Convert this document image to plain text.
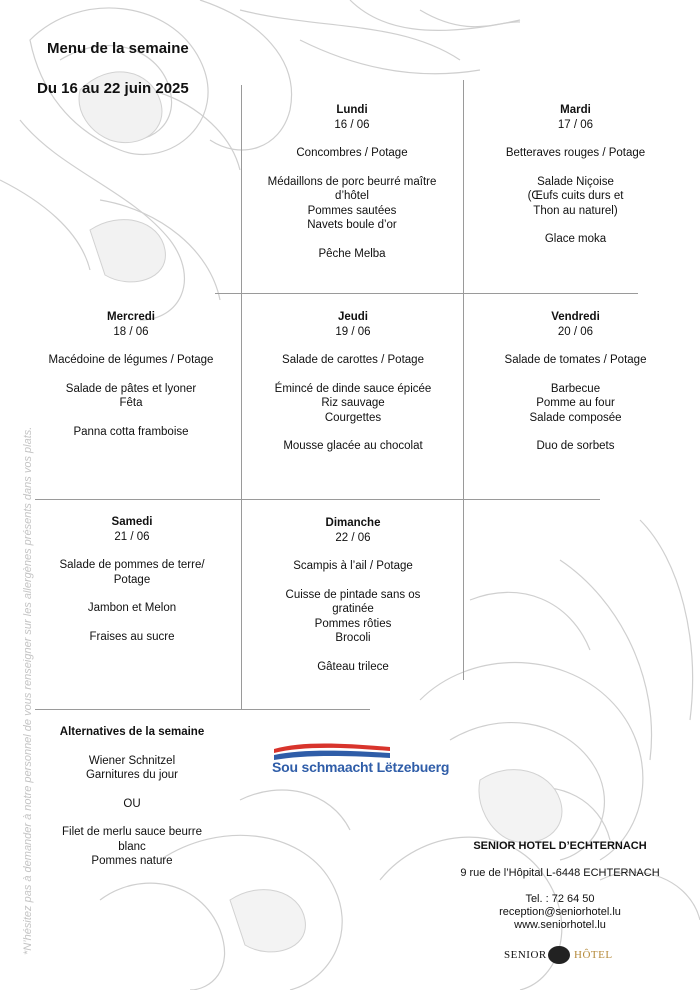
Menu de la semaine
Du 16 au 22 juin 2025
Lundi
16 / 06
Concombres / Potage
Médaillons de porc beurré maître
d’hôtel
Pommes sautées
Navets boule d’or
Pêche Melba
Mardi
17 / 06
Betteraves rouges / Potage
Salade Niçoise
(Œufs cuits durs et
Thon au naturel)
Glace moka
Mercredi
18 / 06
Macédoine de légumes / Potage
Salade de pâtes et lyoner
Fêta
Panna cotta framboise
Jeudi
19 / 06
Salade de carottes / Potage
Émincé de dinde sauce épicée
Riz sauvage
Courgettes
Mousse glacée au chocolat
Vendredi
20 / 06
Salade de tomates / Potage
Barbecue
Pomme au four
Salade composée
Duo de sorbets
Samedi
21 / 06
Salade de pommes de terre/
Potage
Jambon et Melon
Fraises au sucre
Dimanche
22 / 06
Scampis à l’ail / Potage
Cuisse de pintade sans os
gratinée
Pommes rôties
Brocoli
Gâteau trilece
Alternatives de la semaine
Wiener Schnitzel
Garnitures du jour
OU
Filet de merlu sauce beurre
blanc
Pommes nature
Sou schmaacht Lëtzebuerg
SENIOR HOTEL D’ECHTERNACH
9 rue de l’Hôpital L-6448 ECHTERNACH
Tel. : 72 64 50
reception@seniorhotel.lu
www.seniorhotel.lu
SENIOR HÔTEL
*N’hésitez pas à demander à notre personnel de vous renseigner sur les allergènes présents dans vos plats.
